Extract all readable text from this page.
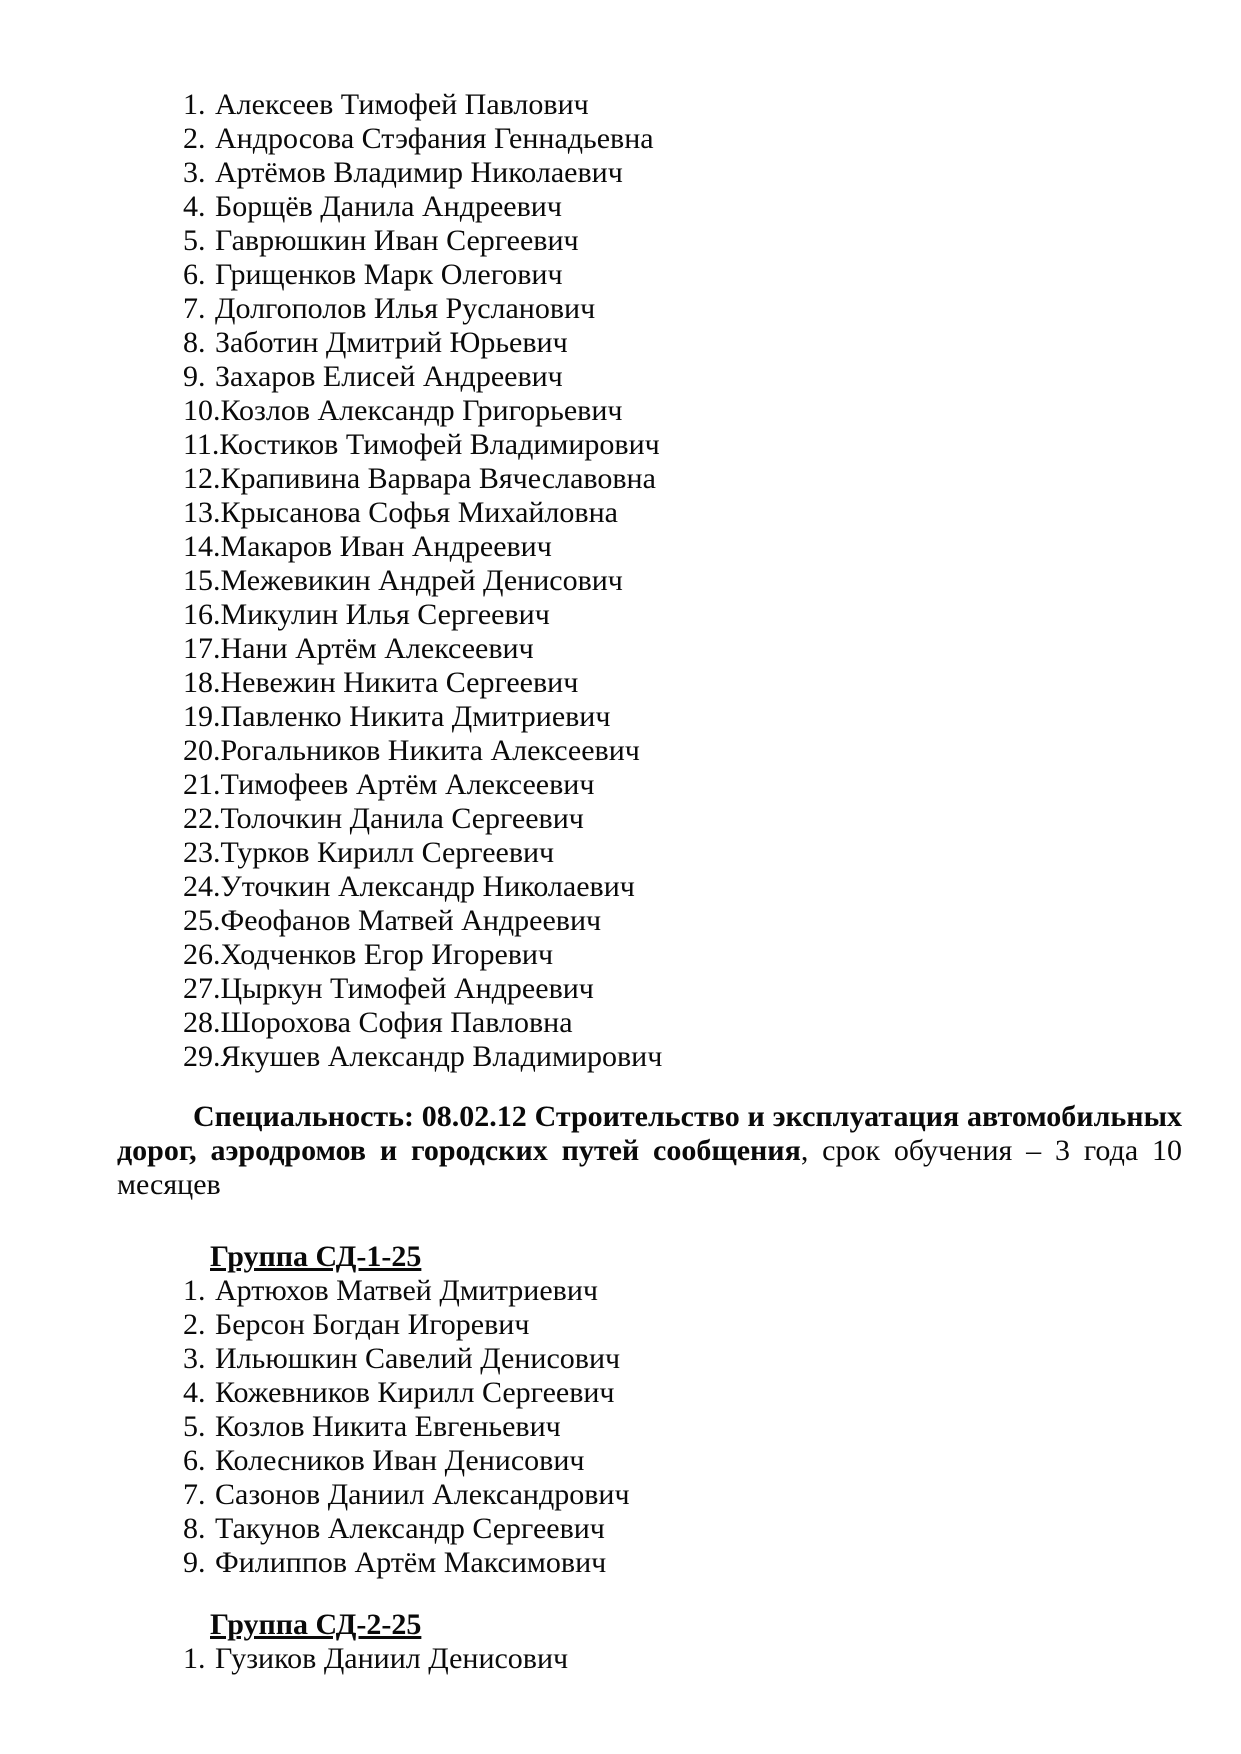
1. Алексеев Тимофей Павлович
2. Андросова Стэфания Геннадьевна
3. Артёмов Владимир Николаевич
4. Борщёв Данила Андреевич
5. Гаврюшкин Иван Сергеевич
6. Грищенков Марк Олегович
7. Долгополов Илья Русланович
8. Заботин Дмитрий Юрьевич
9. Захаров Елисей Андреевич
10.Козлов Александр Григорьевич
11.Костиков Тимофей Владимирович
12.Крапивина Варвара Вячеславовна
13.Крысанова Софья Михайловна
14.Макаров Иван Андреевич
15.Межевикин Андрей Денисович
16.Микулин Илья Сергеевич
17.Нани Артём Алексеевич
18.Невежин Никита Сергеевич
19.Павленко Никита Дмитриевич
20.Рогальников Никита Алексеевич
21.Тимофеев Артём Алексеевич
22.Толочкин Данила Сергеевич
23.Турков Кирилл Сергеевич
24.Уточкин Александр Николаевич
25.Феофанов Матвей Андреевич
26.Ходченков Егор Игоревич
27.Цыркун Тимофей Андреевич
28.Шорохова София Павловна
29.Якушев Александр Владимирович

Специальность: 08.02.12 Строительство и эксплуатация автомобильных дорог, аэродромов и городских путей сообщения, срок обучения – 3 года 10 месяцев

Группа СД-1-25
1. Артюхов Матвей Дмитриевич
2. Берсон Богдан Игоревич
3. Ильюшкин Савелий Денисович
4. Кожевников Кирилл Сергеевич
5. Козлов Никита Евгеньевич
6. Колесников Иван Денисович
7. Сазонов Даниил Александрович
8. Такунов Александр Сергеевич
9. Филиппов Артём Максимович
Группа СД-2-25
1. Гузиков Даниил Денисович
